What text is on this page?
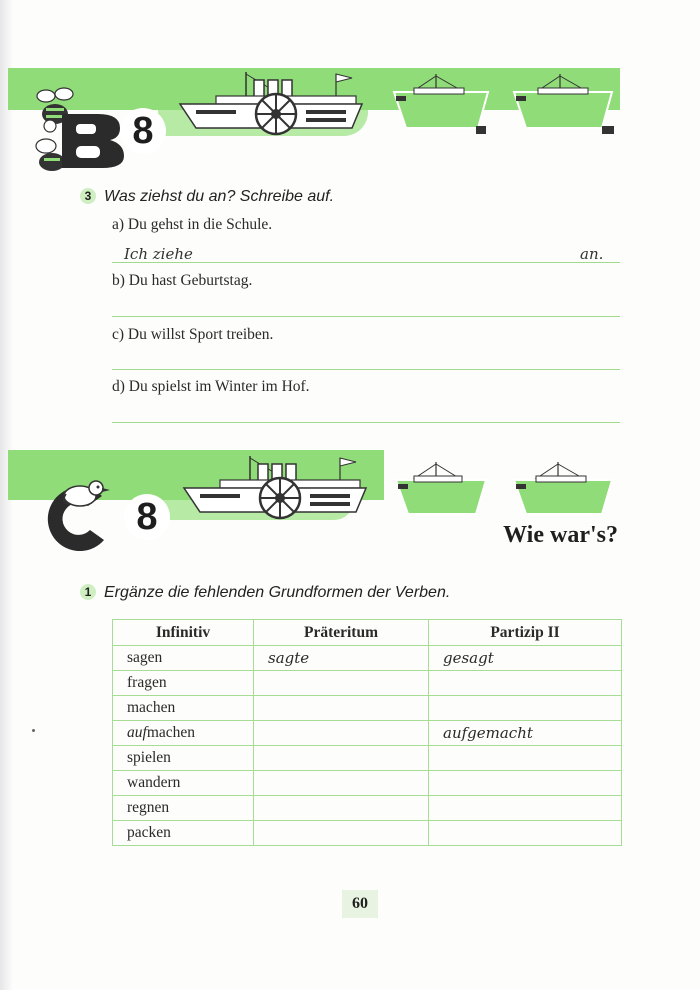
8
3 Was ziehst du an? Schreibe auf.
a) Du gehst in die Schule.
Ich ziehe	an.
b) Du hast Geburtstag.
c) Du willst Sport treiben.
d) Du spielst im Winter im Hof.
8	Wie war's?
1 Ergänze die fehlenden Grundformen der Verben.
Infinitiv	Präteritum	Partizip II
sagen	sagte	gesagt
fragen		
machen		
aufmachen		aufgemacht
spielen		
wandern		
regnen		
packen		
60
